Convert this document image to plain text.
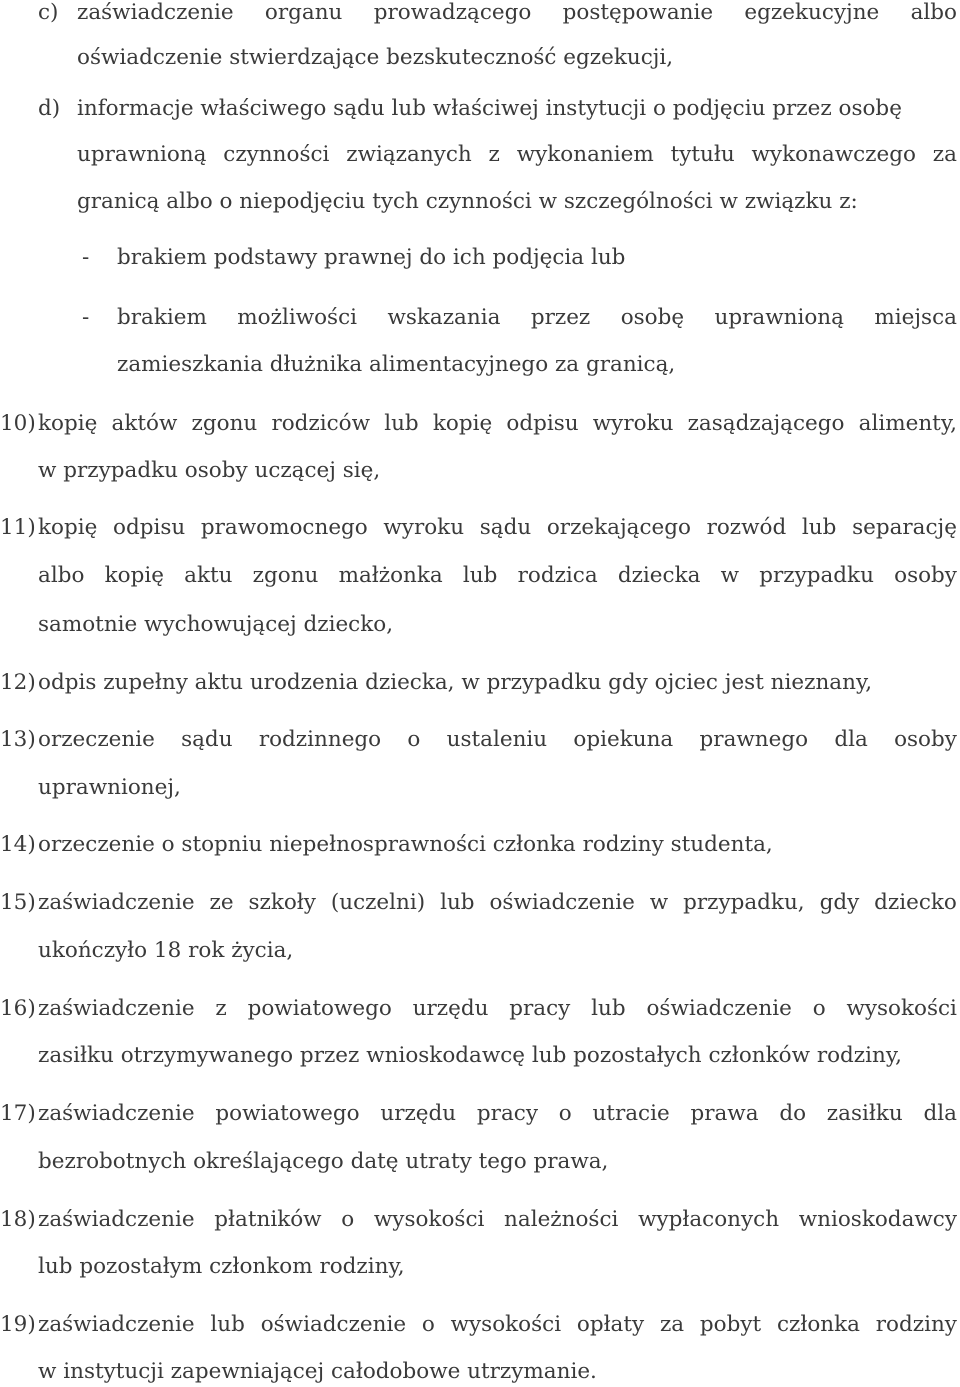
c) zaświadczenie organu prowadzącego postępowanie egzekucyjne albo
oświadczenie stwierdzające bezskuteczność egzekucji,
d) informacje właściwego sądu lub właściwej instytucji o podjęciu przez osobę
uprawnioną czynności związanych z wykonaniem tytułu wykonawczego za
granicą albo o niepodjęciu tych czynności w szczególności w związku z:
- brakiem podstawy prawnej do ich podjęcia lub
- brakiem możliwości wskazania przez osobę uprawnioną miejsca
zamieszkania dłużnika alimentacyjnego za granicą,
10) kopię aktów zgonu rodziców lub kopię odpisu wyroku zasądzającego alimenty,
w przypadku osoby uczącej się,
11) kopię odpisu prawomocnego wyroku sądu orzekającego rozwód lub separację
albo kopię aktu zgonu małżonka lub rodzica dziecka w przypadku osoby
samotnie wychowującej dziecko,
12) odpis zupełny aktu urodzenia dziecka, w przypadku gdy ojciec jest nieznany,
13) orzeczenie sądu rodzinnego o ustaleniu opiekuna prawnego dla osoby
uprawnionej,
14) orzeczenie o stopniu niepełnosprawności członka rodziny studenta,
15) zaświadczenie ze szkoły (uczelni) lub oświadczenie w przypadku, gdy dziecko
ukończyło 18 rok życia,
16) zaświadczenie z powiatowego urzędu pracy lub oświadczenie o wysokości
zasiłku otrzymywanego przez wnioskodawcę lub pozostałych członków rodziny,
17) zaświadczenie powiatowego urzędu pracy o utracie prawa do zasiłku dla
bezrobotnych określającego datę utraty tego prawa,
18) zaświadczenie płatników o wysokości należności wypłaconych wnioskodawcy
lub pozostałym członkom rodziny,
19) zaświadczenie lub oświadczenie o wysokości opłaty za pobyt członka rodziny
w instytucji zapewniającej całodobowe utrzymanie.
